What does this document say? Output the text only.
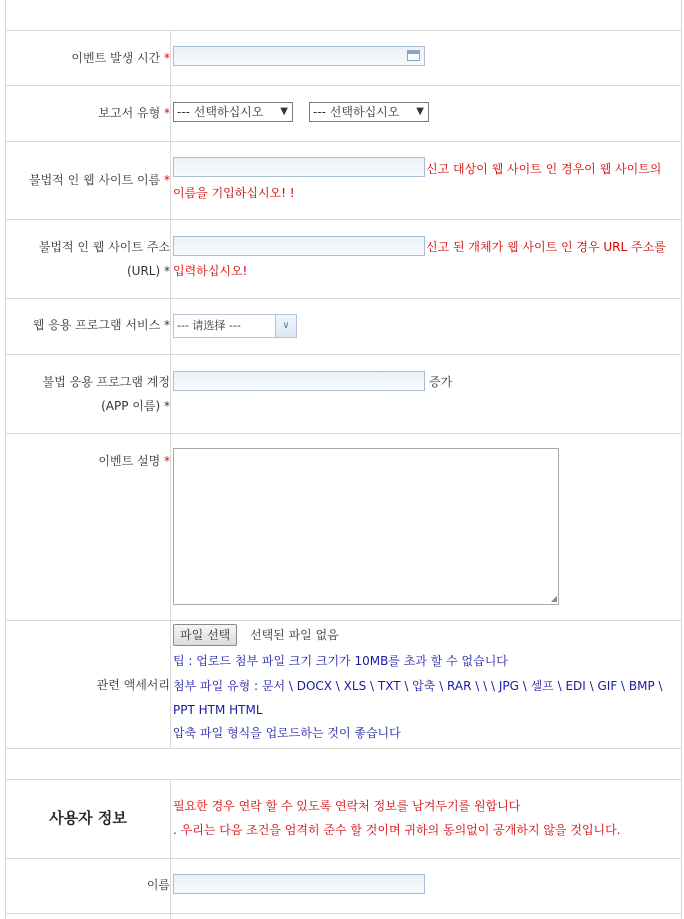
이벤트 발생 시간 *
보고서 유형 * --- 선택하십시오 ▼	--- 선택하십시오 ▼
불법적 인 웹 사이트 이름 *
신고 대상이 웹 사이트 인 경우이 웹 사이트의
이름을 기입하십시오! !
불법적 인 웹 사이트 주소
(URL) *
신고 된 개체가 웹 사이트 인 경우 URL 주소를
입력하십시오!
웹 응용 프로그램 서비스 * --- 请选择 ---	∨
불법 응용 프로그램 계정
(APP 이름) *
증가
이벤트 설명 *
◢
관련 액세서리
파일 선택	선택된 파일 없음
팁 : 업로드 첨부 파일 크기 크기가 10MB를 초과 할 수 없습니다
첨부 파일 유형 : 문서 \ DOCX \ XLS \ TXT \ 압축 \ RAR \ \ \ JPG \ 셀프 \ EDI \ GIF \ BMP \
PPT HTM HTML
압축 파일 형식을 업로드하는 것이 좋습니다
사용자 정보
필요한 경우 연락 할 수 있도록 연락처 정보를 남겨두기를 원합니다
. 우리는 다음 조건을 엄격히 준수 할 것이며 귀하의 동의없이 공개하지 않을 것입니다.
이름
